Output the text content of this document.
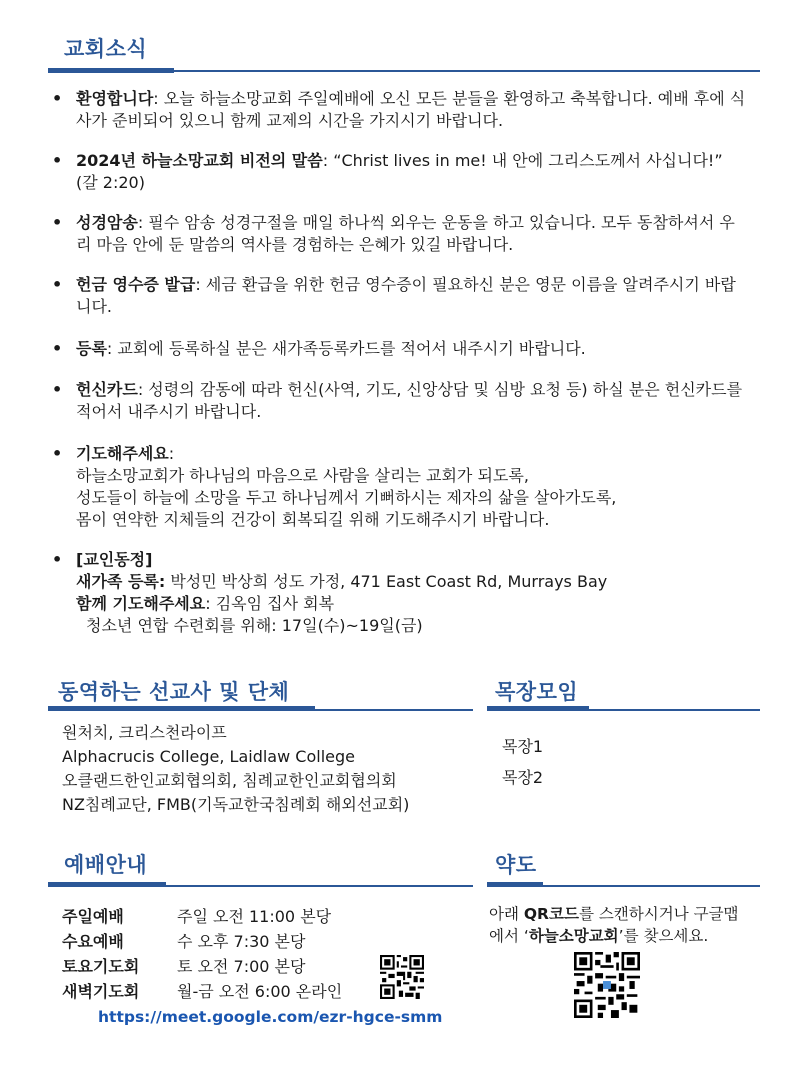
교회소식
• 환영합니다: 오늘 하늘소망교회 주일예배에 오신 모든 분들을 환영하고 축복합니다. 예배 후에 식사가 준비되어 있으니 함께 교제의 시간을 가지시기 바랍니다.
• 2024년 하늘소망교회 비전의 말씀: “Christ lives in me! 내 안에 그리스도께서 사십니다!” (갈 2:20)
• 성경암송: 필수 암송 성경구절을 매일 하나씩 외우는 운동을 하고 있습니다. 모두 동참하셔서 우리 마음 안에 둔 말씀의 역사를 경험하는 은혜가 있길 바랍니다.
• 헌금 영수증 발급: 세금 환급을 위한 헌금 영수증이 필요하신 분은 영문 이름을 알려주시기 바랍니다.
• 등록: 교회에 등록하실 분은 새가족등록카드를 적어서 내주시기 바랍니다.
• 헌신카드: 성령의 감동에 따라 헌신(사역, 기도, 신앙상담 및 심방 요청 등) 하실 분은 헌신카드를 적어서 내주시기 바랍니다.
• 기도해주세요:
하늘소망교회가 하나님의 마음으로 사람을 살리는 교회가 되도록,
성도들이 하늘에 소망을 두고 하나님께서 기뻐하시는 제자의 삶을 살아가도록,
몸이 연약한 지체들의 건강이 회복되길 위해 기도해주시기 바랍니다.
• [교인동정]
새가족 등록: 박성민 박상희 성도 가정, 471 East Coast Rd, Murrays Bay
함께 기도해주세요: 김옥임 집사 회복
청소년 연합 수련회를 위해: 17일(수)~19일(금)
동역하는 선교사 및 단체
원처치, 크리스천라이프
Alphacrucis College, Laidlaw College
오클랜드한인교회협의회, 침례교한인교회협의회
NZ침례교단, FMB(기독교한국침례회 해외선교회)
목장모임
목장1
목장2
예배안내
주일예배	주일 오전 11:00 본당
수요예배	수 오후 7:30 본당
토요기도회	토 오전 7:00 본당
새벽기도회	월-금 오전 6:00 온라인
https://meet.google.com/ezr-hgce-smm
약도
아래 QR코드를 스캔하시거나 구글맵
에서 ‘하늘소망교회’를 찾으세요.
